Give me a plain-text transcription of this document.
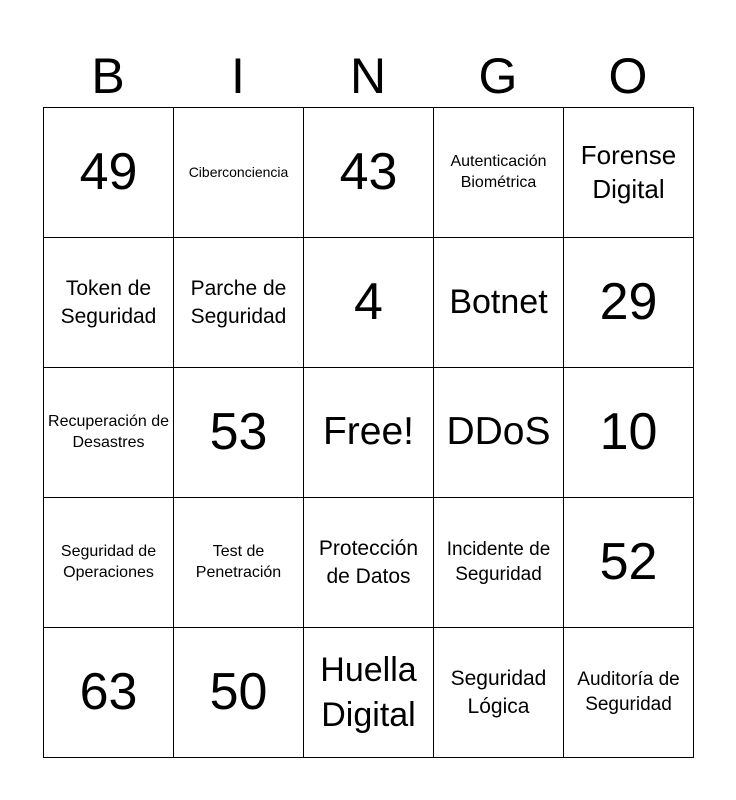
B	I	N	G	O
49	Ciberconciencia	43	Autenticación Biométrica	Forense Digital
Token de Seguridad	Parche de Seguridad	4	Botnet	29
Recuperación de Desastres	53	Free!	DDoS	10
Seguridad de Operaciones	Test de Penetración	Protección de Datos	Incidente de Seguridad	52
63	50	Huella Digital	Seguridad Lógica	Auditoría de Seguridad
